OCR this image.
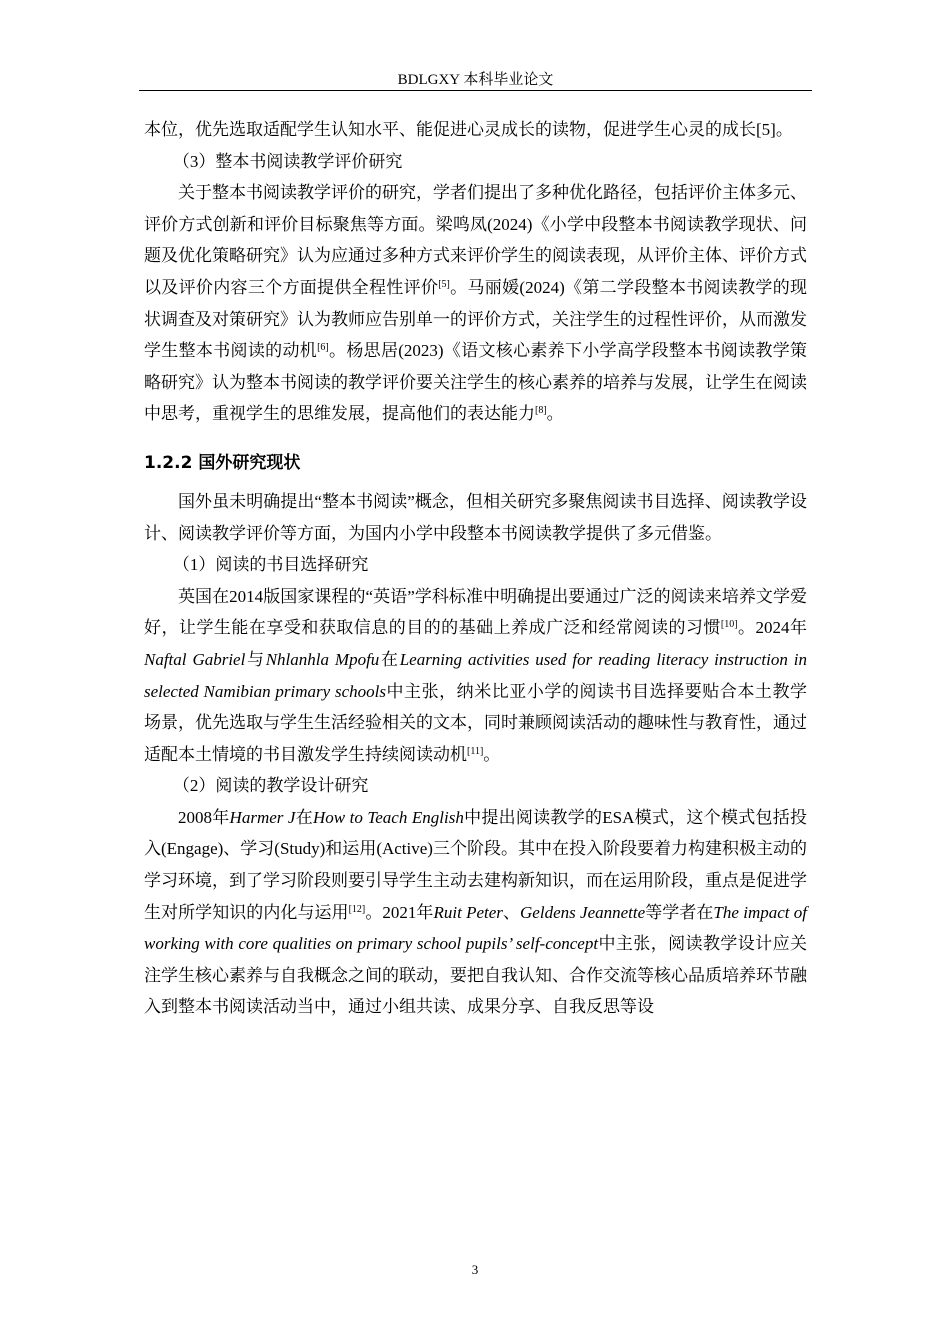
BDLGXY 本科毕业论文

本位，优先选取适配学生认知水平、能促进心灵成长的读物，促进学生心灵的成长[5]。

（3）整本书阅读教学评价研究

关于整本书阅读教学评价的研究，学者们提出了多种优化路径，包括评价主体多元、评价方式创新和评价目标聚焦等方面。梁鸣凤(2024)《小学中段整本书阅读教学现状、问题及优化策略研究》认为应通过多种方式来评价学生的阅读表现，从评价主体、评价方式以及评价内容三个方面提供全程性评价[5]。马丽媛(2024)《第二学段整本书阅读教学的现状调查及对策研究》认为教师应告别单一的评价方式，关注学生的过程性评价，从而激发学生整本书阅读的动机[6]。杨思居(2023)《语文核心素养下小学高学段整本书阅读教学策略研究》认为整本书阅读的教学评价要关注学生的核心素养的培养与发展，让学生在阅读中思考，重视学生的思维发展，提高他们的表达能力[8]。

1.2.2 国外研究现状

国外虽未明确提出“整本书阅读”概念，但相关研究多聚焦阅读书目选择、阅读教学设计、阅读教学评价等方面，为国内小学中段整本书阅读教学提供了多元借鉴。

（1）阅读的书目选择研究

英国在2014版国家课程的“英语”学科标准中明确提出要通过广泛的阅读来培养文学爱好，让学生能在享受和获取信息的目的的基础上养成广泛和经常阅读的习惯[10]。2024年Naftal Gabriel与Nhlanhla Mpofu在Learning activities used for reading literacy instruction in selected Namibian primary schools中主张，纳米比亚小学的阅读书目选择要贴合本土教学场景，优先选取与学生生活经验相关的文本，同时兼顾阅读活动的趣味性与教育性，通过适配本土情境的书目激发学生持续阅读动机[11]。

（2）阅读的教学设计研究

2008年Harmer J在How to Teach English中提出阅读教学的ESA模式，这个模式包括投入(Engage)、学习(Study)和运用(Active)三个阶段。其中在投入阶段要着力构建积极主动的学习环境，到了学习阶段则要引导学生主动去建构新知识，而在运用阶段，重点是促进学生对所学知识的内化与运用[12]。2021年Ruit Peter、Geldens Jeannette等学者在The impact of working with core qualities on primary school pupils’ self-concept中主张，阅读教学设计应关注学生核心素养与自我概念之间的联动，要把自我认知、合作交流等核心品质培养环节融入到整本书阅读活动当中，通过小组共读、成果分享、自我反思等设

3
